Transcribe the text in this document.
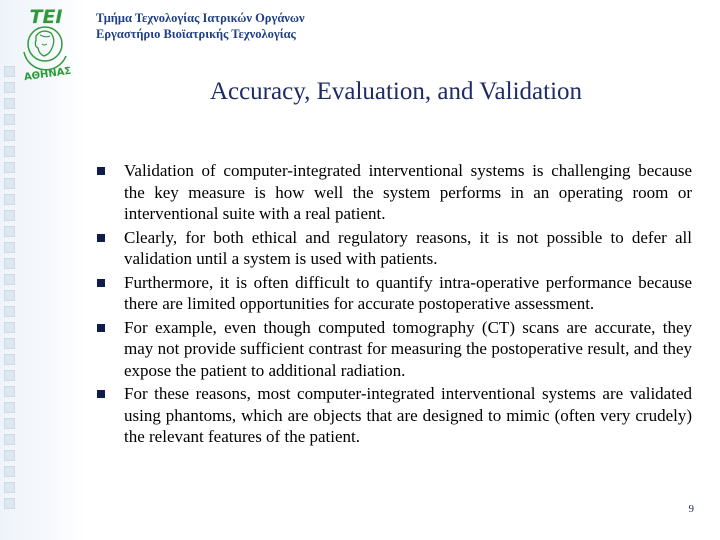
ΤΕΙ
ΑΘΗΝΑΣ
Τμήμα Τεχνολογίας Ιατρικών Οργάνων
Εργαστήριο Βιοϊατρικής Τεχνολογίας
Accuracy, Evaluation, and Validation
Validation of computer-integrated interventional systems is challenging because the key measure is how well the system performs in an operating room or interventional suite with a real patient.
Clearly, for both ethical and regulatory reasons, it is not possible to defer all validation until a system is used with patients.
Furthermore, it is often difficult to quantify intra-operative performance because there are limited opportunities for accurate postoperative assessment.
For example, even though computed tomography (CT) scans are accurate, they may not provide sufficient contrast for measuring the postoperative result, and they expose the patient to additional radiation.
For these reasons, most computer-integrated interventional systems are validated using phantoms, which are objects that are designed to mimic (often very crudely) the relevant features of the patient.
9
